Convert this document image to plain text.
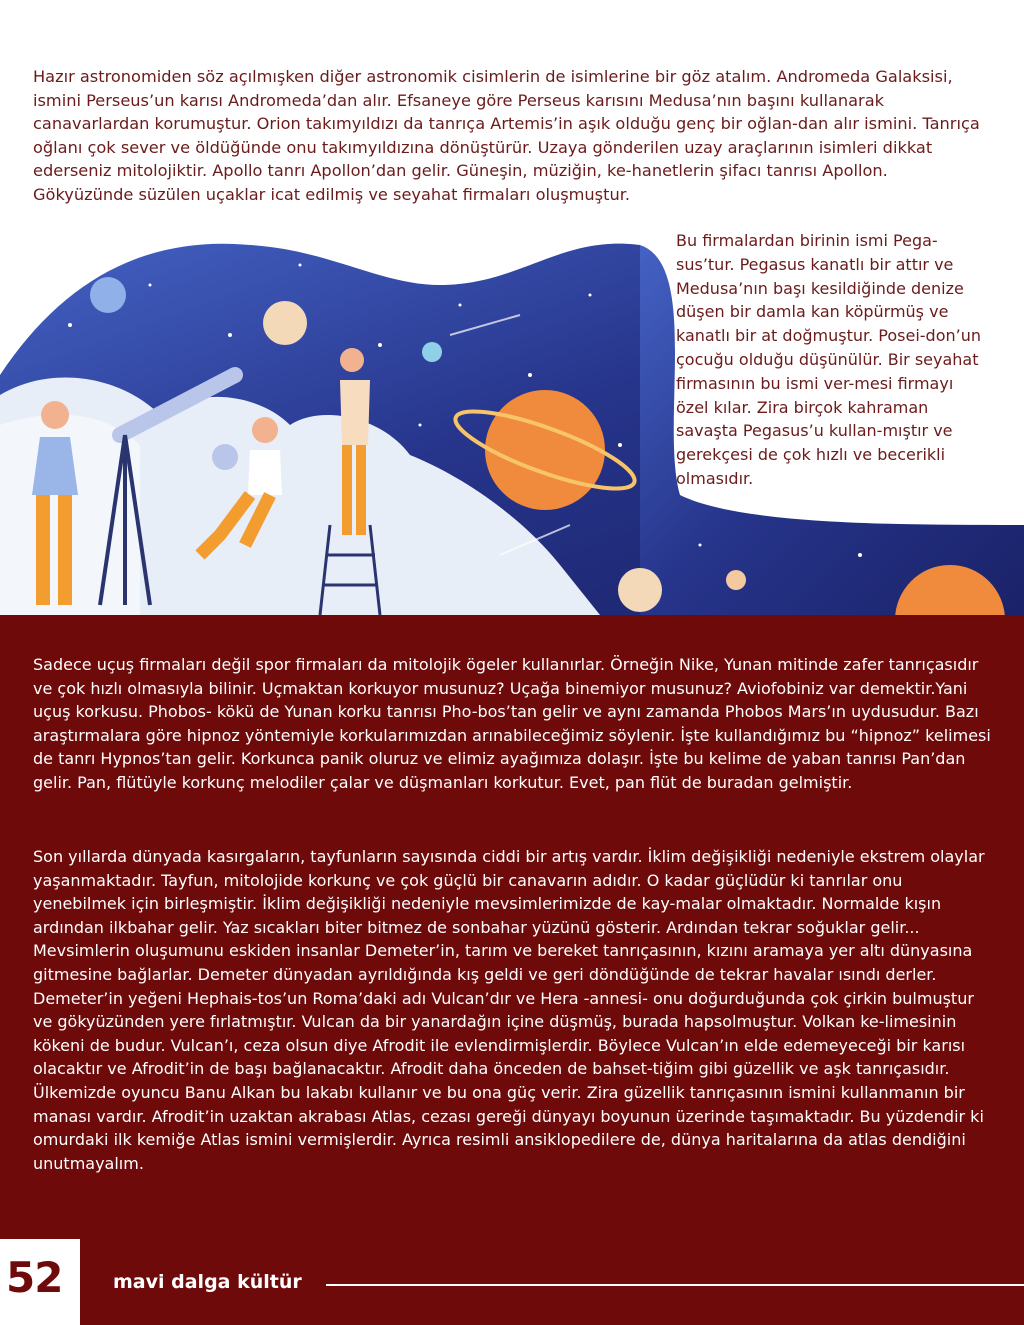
Hazır astronomiden söz açılmışken diğer astronomik cisimlerin de isimlerine bir göz atalım. Andromeda Galaksisi, ismini Perseus’un karısı Andromeda’dan alır. Efsaneye göre Perseus karısını Medusa’nın başını kullanarak canavarlardan korumuştur. Orion takımyıldızı da tanrıça Artemis’in aşık olduğu genç bir oğlan-dan alır ismini. Tanrıça oğlanı çok sever ve öldüğünde onu takımyıldızına dönüştürür. Uzaya gönderilen uzay araçlarının isimleri dikkat ederseniz mitolojiktir. Apollo tanrı Apollon’dan gelir. Güneşin, müziğin, ke-hanetlerin şifacı tanrısı Apollon. Gökyüzünde süzülen uçaklar icat edilmiş ve seyahat firmaları oluşmuştur.

Bu firmalardan birinin ismi Pega-sus’tur. Pegasus kanatlı bir attır ve Medusa’nın başı kesildiğinde denize düşen bir damla kan köpürmüş ve kanatlı bir at doğmuştur. Posei-don’un çocuğu olduğu düşünülür. Bir seyahat firmasının bu ismi ver-mesi firmayı özel kılar. Zira birçok kahraman savaşta Pegasus’u kullan-mıştır ve gerekçesi de çok hızlı ve becerikli olmasıdır.

Sadece uçuş firmaları değil spor firmaları da mitolojik ögeler kullanırlar. Örneğin Nike, Yunan mitinde zafer tanrıçasıdır ve çok hızlı olmasıyla bilinir. Uçmaktan korkuyor musunuz? Uçağa binemiyor musunuz? Aviofobiniz var demektir.Yani uçuş korkusu. Phobos- kökü de Yunan korku tanrısı Pho-bos’tan gelir ve aynı zamanda Phobos Mars’ın uydusudur. Bazı araştırmalara göre hipnoz yöntemiyle korkularımızdan arınabileceğimiz söylenir. İşte kullandığımız bu “hipnoz” kelimesi de tanrı Hypnos’tan gelir. Korkunca panik oluruz ve elimiz ayağımıza dolaşır. İşte bu kelime de yaban tanrısı Pan’dan gelir. Pan, flütüyle korkunç melodiler çalar ve düşmanları korkutur. Evet, pan flüt de buradan gelmiştir.

Son yıllarda dünyada kasırgaların, tayfunların sayısında ciddi bir artış vardır. İklim değişikliği nedeniyle ekstrem olaylar yaşanmaktadır. Tayfun, mitolojide korkunç ve çok güçlü bir canavarın adıdır. O kadar güçlüdür ki tanrılar onu yenebilmek için birleşmiştir. İklim değişikliği nedeniyle mevsimlerimizde de kay-malar olmaktadır. Normalde kışın ardından ilkbahar gelir. Yaz sıcakları biter bitmez de sonbahar yüzünü gösterir. Ardından tekrar soğuklar gelir... Mevsimlerin oluşumunu eskiden insanlar Demeter’in, tarım ve bereket tanrıçasının, kızını aramaya yer altı dünyasına gitmesine bağlarlar. Demeter dünyadan ayrıldığında kış geldi ve geri döndüğünde de tekrar havalar ısındı derler. Demeter’in yeğeni Hephais-tos’un Roma’daki adı Vulcan’dır ve Hera -annesi- onu doğurduğunda çok çirkin bulmuştur ve gökyüzünden yere fırlatmıştır. Vulcan da bir yanardağın içine düşmüş, burada hapsolmuştur. Volkan ke-limesinin kökeni de budur. Vulcan’ı, ceza olsun diye Afrodit ile evlendirmişlerdir. Böylece Vulcan’ın elde edemeyeceği bir karısı olacaktır ve Afrodit’in de başı bağlanacaktır. Afrodit daha önceden de bahset-tiğim gibi güzellik ve aşk tanrıçasıdır. Ülkemizde oyuncu Banu Alkan bu lakabı kullanır ve bu ona güç verir. Zira güzellik tanrıçasının ismini kullanmanın bir manası vardır. Afrodit’in uzaktan akrabası Atlas, cezası gereği dünyayı boyunun üzerinde taşımaktadır. Bu yüzdendir ki omurdaki ilk kemiğe Atlas ismini vermişlerdir. Ayrıca resimli ansiklopedilere de, dünya haritalarına da atlas dendiğini unutmayalım.

52	mavi dalga kültür
